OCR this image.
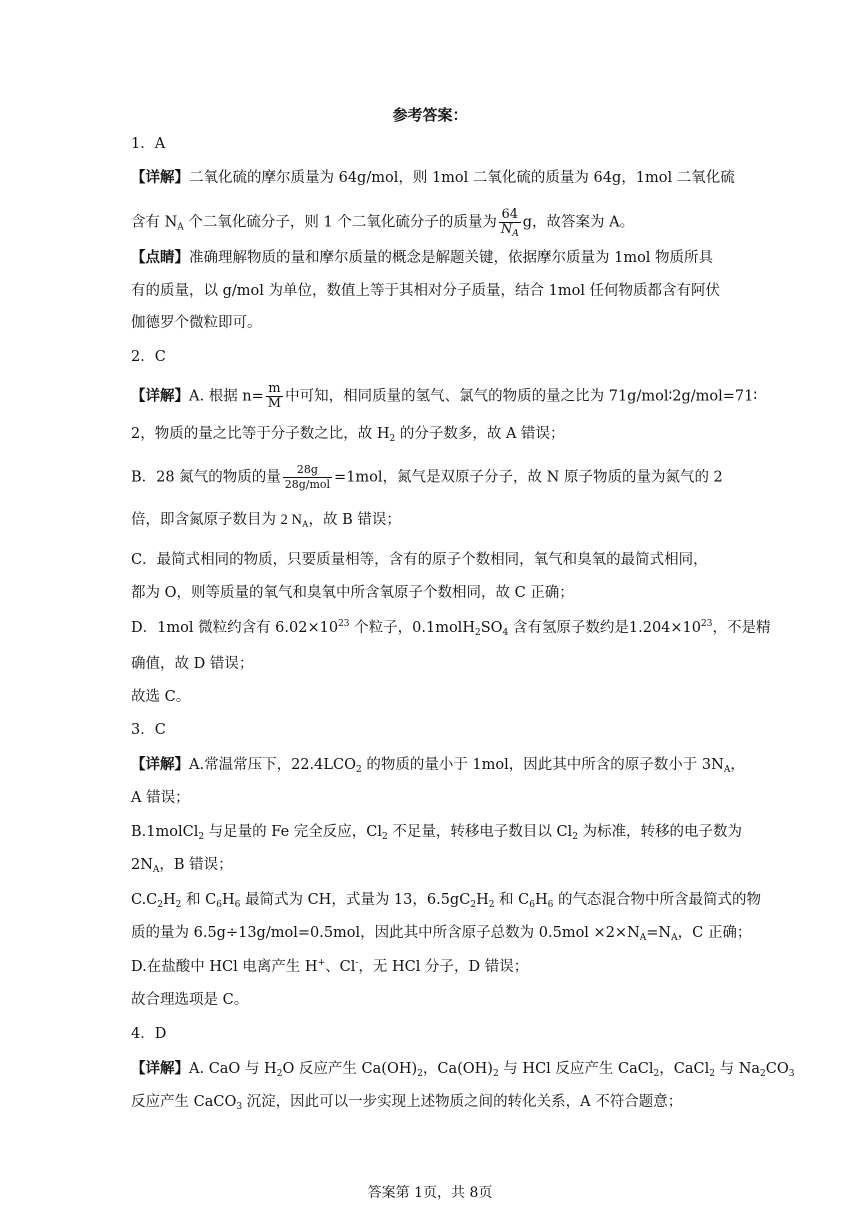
参考答案：
1．A
【详解】二氧化硫的摩尔质量为 64g/mol，则 1mol 二氧化硫的质量为 64g，1mol 二氧化硫
含有 $N_A$ 个二氧化硫分子，则 1 个二氧化硫分子的质量为 $\frac{64}{N_A}$ g，故答案为 A。
【点睛】准确理解物质的量和摩尔质量的概念是解题关键，依据摩尔质量为 1mol 物质所具
有的质量，以 g/mol 为单位，数值上等于其相对分子质量，结合 1mol 任何物质都含有阿伏
伽德罗个微粒即可。
2．C
【详解】A. 根据 $n= \frac{m}{M}$ 中可知，相同质量的氢气、氯气的物质的量之比为 71g/mol∶2g/mol=71∶
2，物质的量之比等于分子数之比，故 $H_2$ 的分子数多，故 A 错误；
B．28 氮气的物质的量 $\frac{28g}{\text{28g/mol}} =1mol$，氮气是双原子分子，故 N 原子物质的量为氮气的 2
倍，即含氮原子数目为 2 $N_A$，故 B 错误；
C．最简式相同的物质，只要质量相等，含有的原子个数相同，氧气和臭氧的最简式相同，
都为 O，则等质量的氧气和臭氧中所含氧原子个数相同，故 C 正确；
D．1mol 微粒约含有 $6.02\times 10^{23}$ 个粒子，$0.1molH_2SO_4$ 含有氢原子数约是$1.204\times 10^{23}$，不是精
确值，故 D 错误；
故选 C。
3．C
【详解】A.常温常压下，$22.4LCO_2$ 的物质的量小于 1mol，因此其中所含的原子数小于 $3N_A$，
A 错误；
B.1molCl$_2$ 与足量的 Fe 完全反应，$Cl_2$ 不足量，转移电子数目以 $Cl_2$ 为标准，转移的电子数为
$2N_A$，B 错误；
$C.C_2H_2$ 和 $C_6H_6$ 最简式为 CH，式量为 13，$6.5gC_2H_2$ 和 $C_6H_6$ 的气态混合物中所含最简式的物
质的量为 6.5g÷13g/mol=0.5mol，因此其中所含原子总数为 $0.5mol \times 2\times N_A=N_A$，C 正确；
D.在盐酸中 HCl 电离产生 H+、Cl-，无 HCl 分子，D 错误；
故合理选项是 C。
4．D
【详解】A. CaO 与 $H_2O$ 反应产生 $Ca(OH)_2$，$Ca(OH)_2$ 与 HCl 反应产生 CaCl$_2$，CaCl$_2$ 与 $Na_2CO_3$
反应产生 CaCO$_3$ 沉淀，因此可以一步实现上述物质之间的转化关系，A 不符合题意；
答案第 1页，共 8页
